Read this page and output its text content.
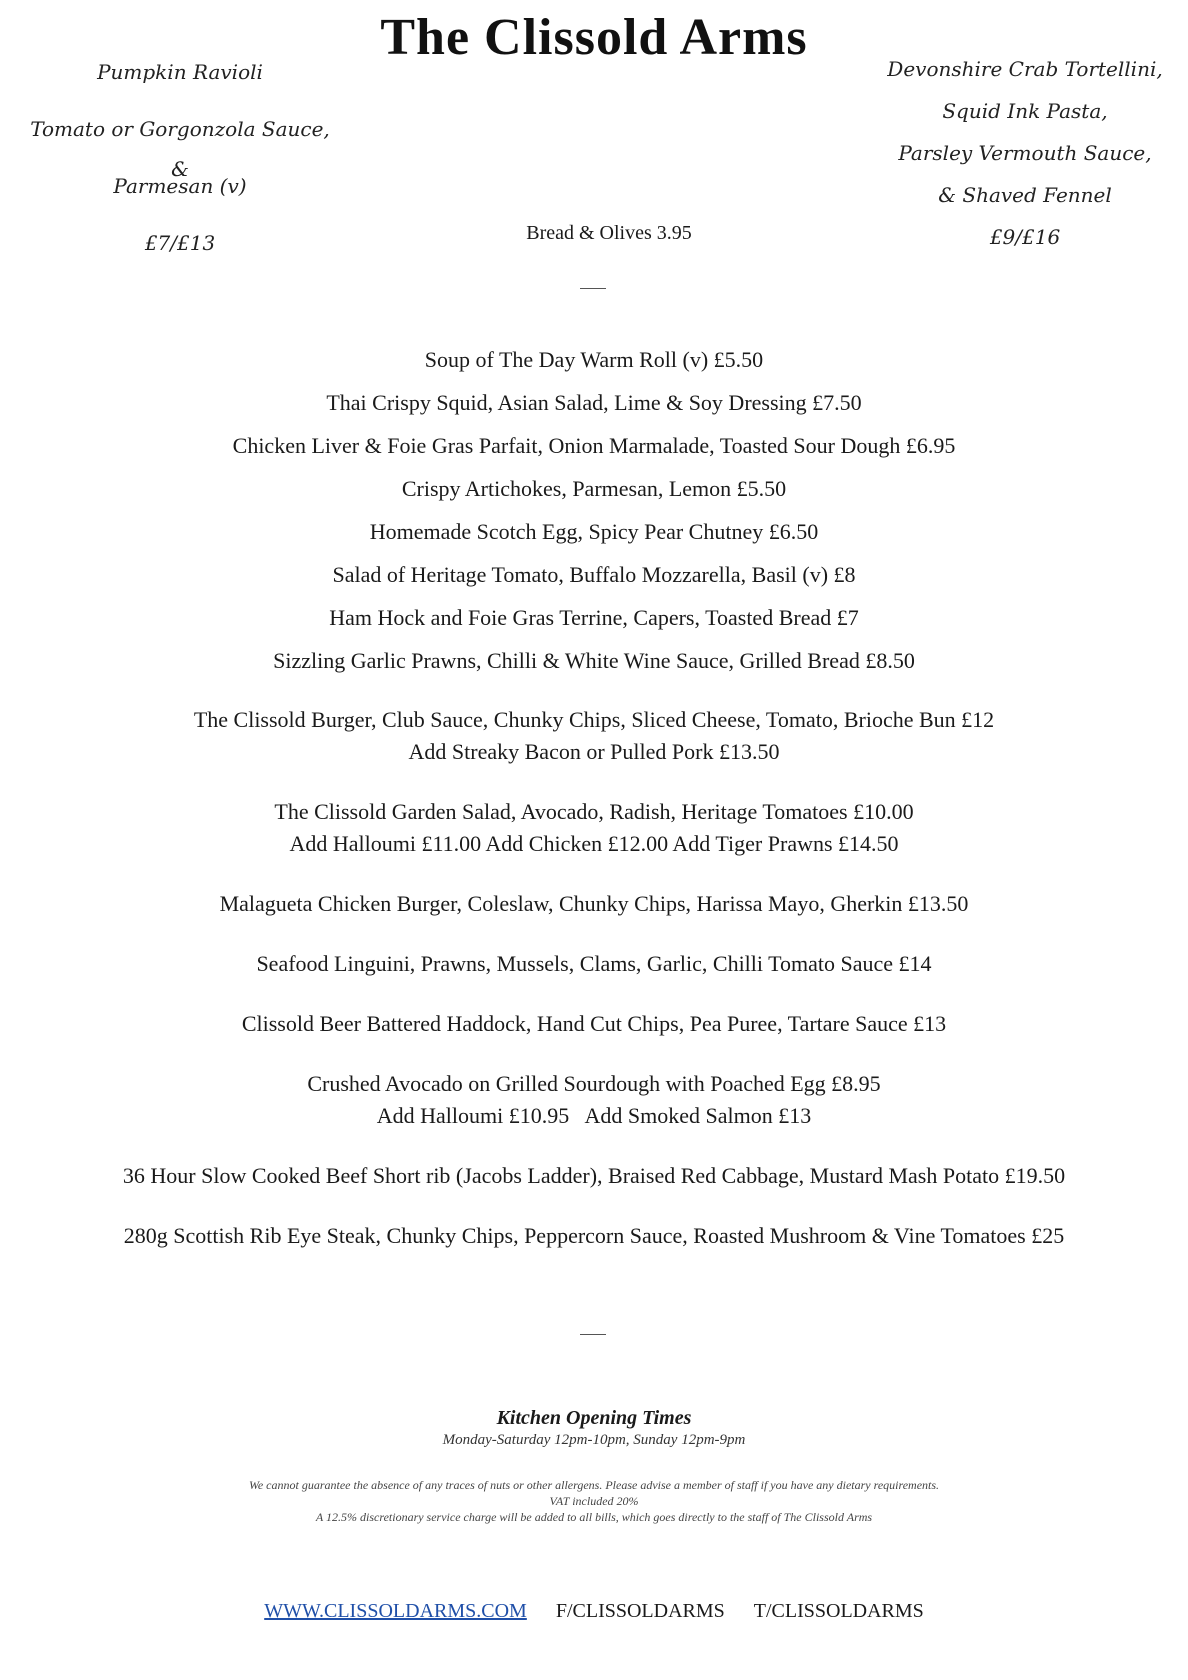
The Clissold Arms
Pumpkin Ravioli
Tomato or Gorgonzola Sauce, &
Parmesan (v)
£7/£13
Devonshire Crab Tortellini,
Squid Ink Pasta,
Parsley Vermouth Sauce,
& Shaved Fennel
£9/£16
Bread & Olives 3.95
Soup of The Day Warm Roll (v) £5.50
Thai Crispy Squid, Asian Salad, Lime & Soy Dressing £7.50
Chicken Liver & Foie Gras Parfait, Onion Marmalade, Toasted Sour Dough £6.95
Crispy Artichokes, Parmesan, Lemon £5.50
Homemade Scotch Egg, Spicy Pear Chutney £6.50
Salad of Heritage Tomato, Buffalo Mozzarella, Basil (v) £8
Ham Hock and Foie Gras Terrine, Capers, Toasted Bread £7
Sizzling Garlic Prawns, Chilli & White Wine Sauce, Grilled Bread £8.50
The Clissold Burger, Club Sauce, Chunky Chips, Sliced Cheese, Tomato, Brioche Bun £12
Add Streaky Bacon or Pulled Pork £13.50
The Clissold Garden Salad, Avocado, Radish, Heritage Tomatoes £10.00
Add Halloumi £11.00 Add Chicken £12.00 Add Tiger Prawns £14.50
Malagueta Chicken Burger, Coleslaw, Chunky Chips, Harissa Mayo, Gherkin £13.50
Seafood Linguini, Prawns, Mussels, Clams, Garlic, Chilli Tomato Sauce £14
Clissold Beer Battered Haddock, Hand Cut Chips, Pea Puree, Tartare Sauce £13
Crushed Avocado on Grilled Sourdough with Poached Egg £8.95
Add Halloumi £10.95   Add Smoked Salmon £13
36 Hour Slow Cooked Beef Short rib (Jacobs Ladder), Braised Red Cabbage, Mustard Mash Potato £19.50
280g Scottish Rib Eye Steak, Chunky Chips, Peppercorn Sauce, Roasted Mushroom & Vine Tomatoes £25
Kitchen Opening Times
Monday-Saturday 12pm-10pm, Sunday 12pm-9pm
We cannot guarantee the absence of any traces of nuts or other allergens. Please advise a member of staff if you have any dietary requirements.
VAT included 20%
A 12.5% discretionary service charge will be added to all bills, which goes directly to the staff of The Clissold Arms
WWW.CLISSOLDARMS.COM F/CLISSOLDARMS T/CLISSOLDARMS
